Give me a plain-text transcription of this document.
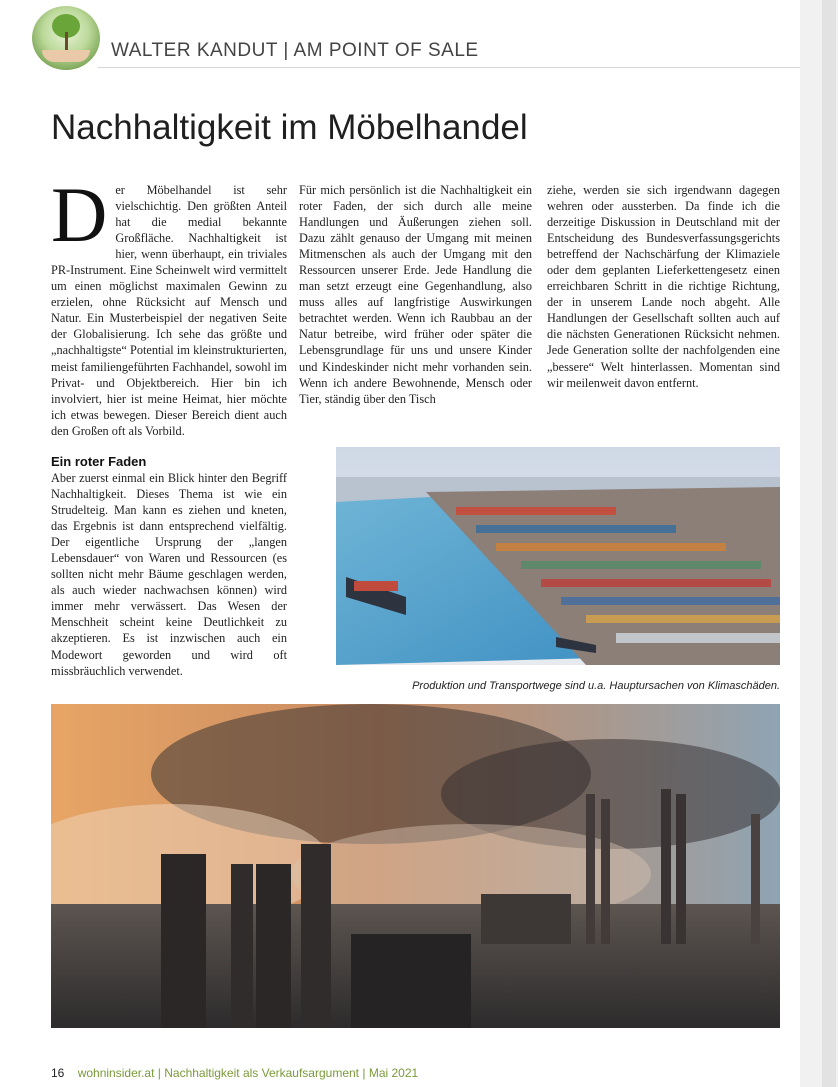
WALTER KANDUT | AM POINT OF SALE
Nachhaltigkeit im Möbelhandel
Der Möbelhandel ist sehr vielschichtig. Den größten Anteil hat die medial bekannte Großfläche. Nachhaltigkeit ist hier, wenn überhaupt, ein triviales PR-Instrument. Eine Scheinwelt wird vermittelt um einen möglichst maximalen Gewinn zu erzielen, ohne Rücksicht auf Mensch und Natur. Ein Musterbeispiel der negativen Seite der Globalisierung. Ich sehe das größte und „nachhaltigste“ Potential im kleinstrukturierten, meist familiengeführten Fachhandel, sowohl im Privat- und Objektbereich. Hier bin ich involviert, hier ist meine Heimat, hier möchte ich etwas bewegen. Dieser Bereich dient auch den Großen oft als Vorbild.
Für mich persönlich ist die Nachhaltigkeit ein roter Faden, der sich durch alle meine Handlungen und Äußerungen ziehen soll. Dazu zählt genauso der Umgang mit meinen Mitmenschen als auch der Umgang mit den Ressourcen unserer Erde. Jede Handlung die man setzt erzeugt eine Gegenhandlung, also muss alles auf langfristige Auswirkungen betrachtet werden. Wenn ich Raubbau an der Natur betreibe, wird früher oder später die Lebensgrundlage für uns und unsere Kinder und Kindeskinder nicht mehr vorhanden sein. Wenn ich andere Bewohnende, Mensch oder Tier, ständig über den Tisch
ziehe, werden sie sich irgendwann dagegen wehren oder aussterben. Da finde ich die derzeitige Diskussion in Deutschland mit der Entscheidung des Bundesverfassungsgerichts betreffend der Nachschärfung der Klimaziele oder dem geplanten Lieferkettengesetz einen erreichbaren Schritt in die richtige Richtung, der in unserem Lande noch abgeht. Alle Handlungen der Gesellschaft sollten auch auf die nächsten Generationen Rücksicht nehmen. Jede Generation sollte der nachfolgenden eine „bessere“ Welt hinterlassen. Momentan sind wir meilenweit davon entfernt.
Ein roter Faden
Aber zuerst einmal ein Blick hinter den Begriff Nachhaltigkeit. Dieses Thema ist wie ein Strudelteig. Man kann es ziehen und kneten, das Ergebnis ist dann entsprechend vielfältig. Der eigentliche Ursprung der „langen Lebensdauer“ von Waren und Ressourcen (es sollten nicht mehr Bäume geschlagen werden, als auch wieder nachwachsen können) wird immer mehr verwässert. Das Wesen der Menschheit scheint keine Deutlichkeit zu akzeptieren. Es ist inzwischen auch ein Modewort geworden und wird oft missbräuchlich verwendet.
Produktion und Transportwege sind u.a. Hauptursachen von Klimaschäden.
16 wohninsider.at | Nachhaltigkeit als Verkaufsargument | Mai 2021
